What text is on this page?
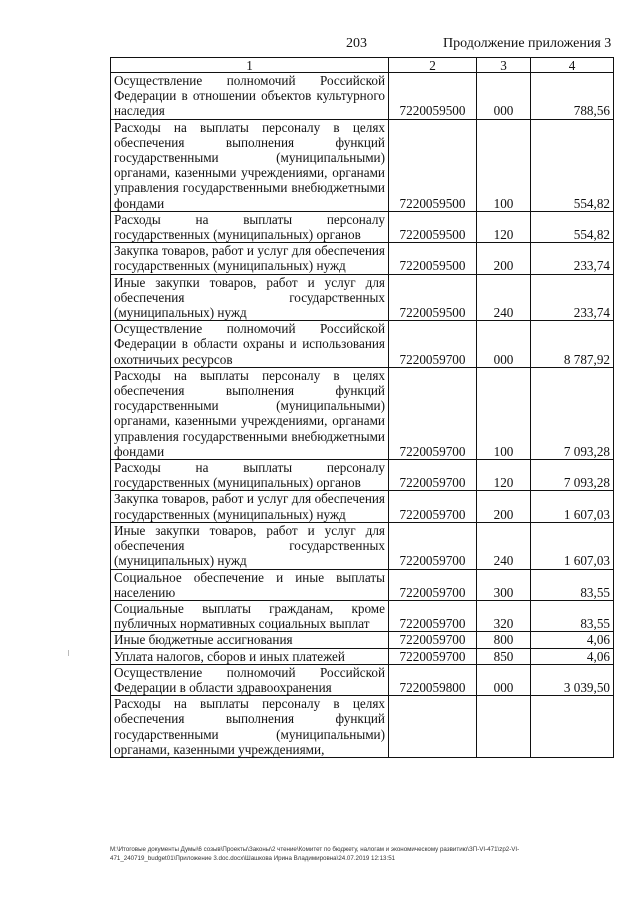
203	Продолжение приложения 3
1	2	3	4
Осуществление полномочий Российской Федерации в отношении объектов культурного наследия	7220059500	000	788,56
Расходы на выплаты персоналу в целях обеспечения выполнения функций государственными (муниципальными) органами, казенными учреждениями, органами управления государственными внебюджетными фондами	7220059500	100	554,82
Расходы на выплаты персоналу государственных (муниципальных) органов	7220059500	120	554,82
Закупка товаров, работ и услуг для обеспечения государственных (муниципальных) нужд	7220059500	200	233,74
Иные закупки товаров, работ и услуг для обеспечения государственных (муниципальных) нужд	7220059500	240	233,74
Осуществление полномочий Российской Федерации в области охраны и использования охотничьих ресурсов	7220059700	000	8 787,92
Расходы на выплаты персоналу в целях обеспечения выполнения функций государственными (муниципальными) органами, казенными учреждениями, органами управления государственными внебюджетными фондами	7220059700	100	7 093,28
Расходы на выплаты персоналу государственных (муниципальных) органов	7220059700	120	7 093,28
Закупка товаров, работ и услуг для обеспечения государственных (муниципальных) нужд	7220059700	200	1 607,03
Иные закупки товаров, работ и услуг для обеспечения государственных (муниципальных) нужд	7220059700	240	1 607,03
Социальное обеспечение и иные выплаты населению	7220059700	300	83,55
Социальные выплаты гражданам, кроме публичных нормативных социальных выплат	7220059700	320	83,55
Иные бюджетные ассигнования	7220059700	800	4,06
Уплата налогов, сборов и иных платежей	7220059700	850	4,06
Осуществление полномочий Российской Федерации в области здравоохранения	7220059800	000	3 039,50
Расходы на выплаты персоналу в целях обеспечения выполнения функций государственными (муниципальными) органами, казенными учреждениями,			
M:\Итоговые документы Думы\6 созыв\Проекты\Законы\2 чтение\Комитет по бюджету, налогам и экономическому развитию\ЗП-VI-471\zp2-VI-471_240719_budget01\Приложение 3.doc.docx\Шашкова Ирина Владимировна\24.07.2019 12:13:51
